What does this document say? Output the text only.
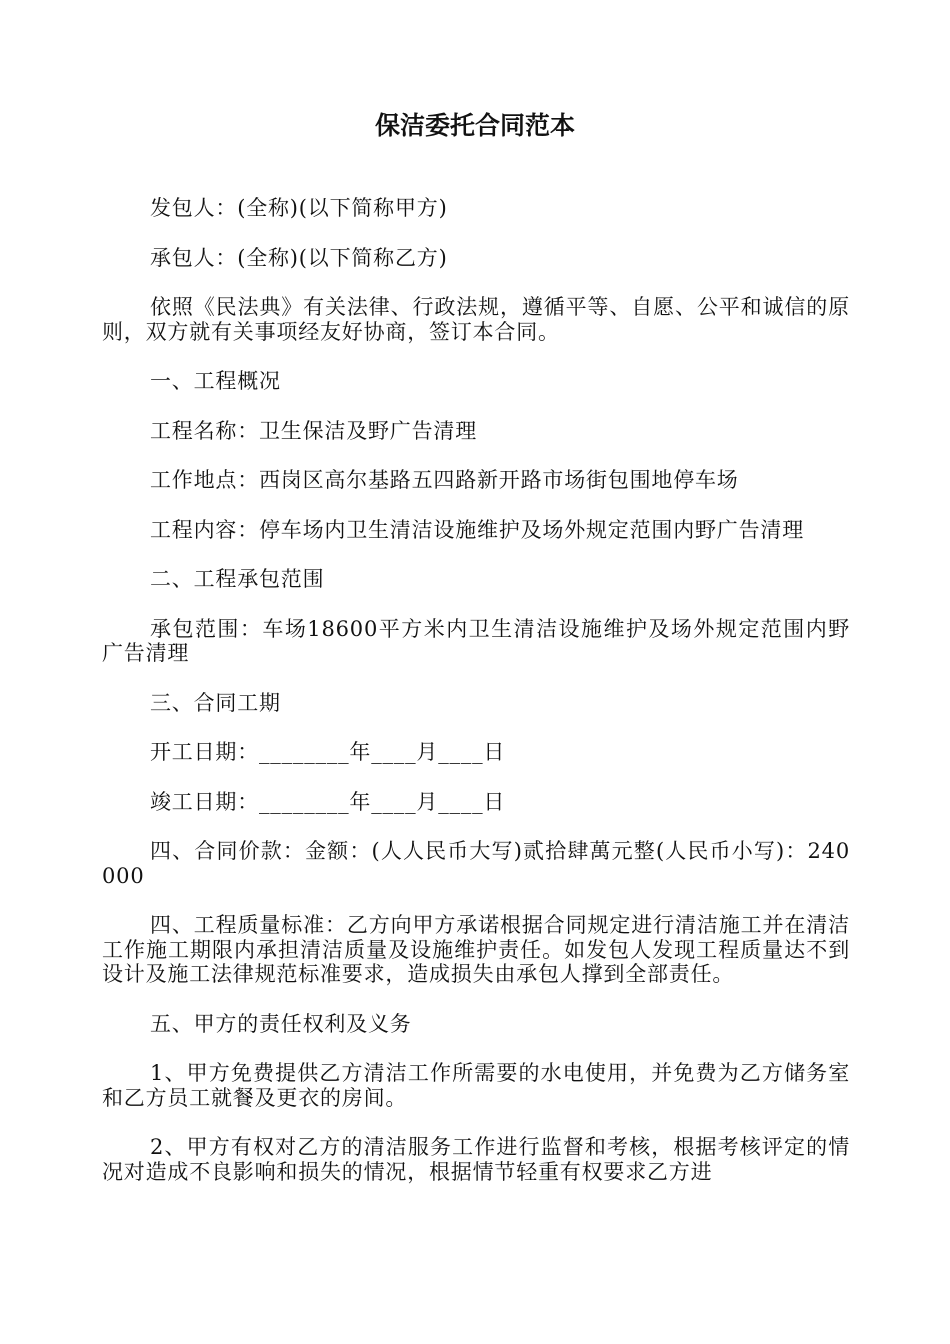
保洁委托合同范本

发包人：(全称)(以下简称甲方)

承包人：(全称)(以下简称乙方)

依照《民法典》有关法律、行政法规，遵循平等、自愿、公平和诚信的原则，双方就有关事项经友好协商，签订本合同。

一、工程概况

工程名称：卫生保洁及野广告清理

工作地点：西岗区高尔基路五四路新开路市场街包围地停车场

工程内容：停车场内卫生清洁设施维护及场外规定范围内野广告清理

二、工程承包范围

承包范围：车场18600平方米内卫生清洁设施维护及场外规定范围内野广告清理

三、合同工期

开工日期：________年____月____日

竣工日期：________年____月____日

四、合同价款：金额：(人人民币大写)贰拾肆萬元整(人民币小写)：240000

四、工程质量标准：乙方向甲方承诺根据合同规定进行清洁施工并在清洁工作施工期限内承担清洁质量及设施维护责任。如发包人发现工程质量达不到设计及施工法律规范标准要求，造成损失由承包人撑到全部责任。

五、甲方的责任权利及义务

1、甲方免费提供乙方清洁工作所需要的水电使用，并免费为乙方储务室和乙方员工就餐及更衣的房间。

2、甲方有权对乙方的清洁服务工作进行监督和考核，根据考核评定的情况对造成不良影响和损失的情况，根据情节轻重有权要求乙方进
